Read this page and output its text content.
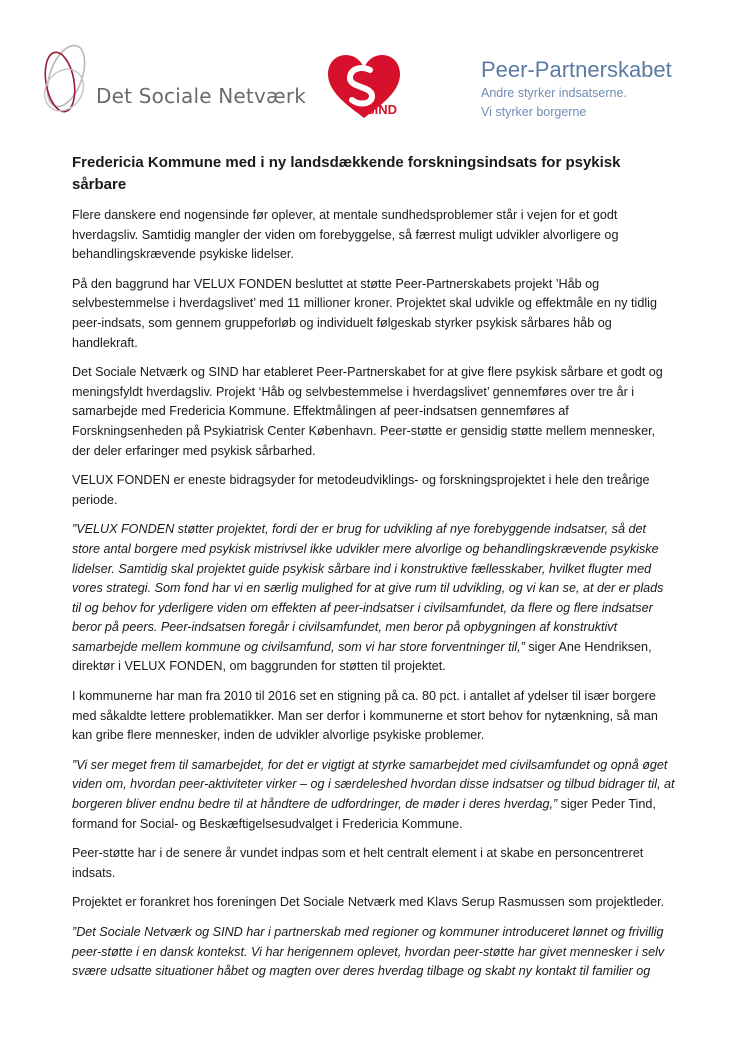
Det Sociale Netværk
SIND
Peer-Partnerskabet
Andre styrker indsatserne.
Vi styrker borgerne
Fredericia Kommune med i ny landsdækkende forskningsindsats for psykisk sårbare

Flere danskere end nogensinde før oplever, at mentale sundhedsproblemer står i vejen for et godt hverdagsliv. Samtidig mangler der viden om forebyggelse, så færrest muligt udvikler alvorligere og behandlingskrævende psykiske lidelser.

På den baggrund har VELUX FONDEN besluttet at støtte Peer-Partnerskabets projekt ’Håb og selvbestemmelse i hverdagslivet’ med 11 millioner kroner. Projektet skal udvikle og effektmåle en ny tidlig peer-indsats, som gennem gruppeforløb og individuelt følgeskab styrker psykisk sårbares håb og handlekraft.

Det Sociale Netværk og SIND har etableret Peer-Partnerskabet for at give flere psykisk sårbare et godt og meningsfyldt hverdagsliv. Projekt ‘Håb og selvbestemmelse i hverdagslivet’ gennemføres over tre år i samarbejde med Fredericia Kommune. Effektmålingen af peer-indsatsen gennemføres af Forskningsenheden på Psykiatrisk Center København. Peer-støtte er gensidig støtte mellem mennesker, der deler erfaringer med psykisk sårbarhed.

VELUX FONDEN er eneste bidragsyder for metodeudviklings- og forskningsprojektet i hele den treårige periode.

”VELUX FONDEN støtter projektet, fordi der er brug for udvikling af nye forebyggende indsatser, så det store antal borgere med psykisk mistrivsel ikke udvikler mere alvorlige og behandlingskrævende psykiske lidelser. Samtidig skal projektet guide psykisk sårbare ind i konstruktive fællesskaber, hvilket flugter med vores strategi. Som fond har vi en særlig mulighed for at give rum til udvikling, og vi kan se, at der er plads til og behov for yderligere viden om effekten af peer-indsatser i civilsamfundet, da flere og flere indsatser beror på peers. Peer-indsatsen foregår i civilsamfundet, men beror på opbygningen af konstruktivt samarbejde mellem kommune og civilsamfund, som vi har store forventninger til,” siger Ane Hendriksen, direktør i VELUX FONDEN, om baggrunden for støtten til projektet.

I kommunerne har man fra 2010 til 2016 set en stigning på ca. 80 pct. i antallet af ydelser til især borgere med såkaldte lettere problematikker. Man ser derfor i kommunerne et stort behov for nytænkning, så man kan gribe flere mennesker, inden de udvikler alvorlige psykiske problemer.

”Vi ser meget frem til samarbejdet, for det er vigtigt at styrke samarbejdet med civilsamfundet og opnå øget viden om, hvordan peer-aktiviteter virker – og i særdeleshed hvordan disse indsatser og tilbud bidrager til, at borgeren bliver endnu bedre til at håndtere de udfordringer, de møder i deres hverdag,” siger Peder Tind, formand for Social- og Beskæftigelsesudvalget i Fredericia Kommune.

Peer-støtte har i de senere år vundet indpas som et helt centralt element i at skabe en personcentreret indsats.

Projektet er forankret hos foreningen Det Sociale Netværk med Klavs Serup Rasmussen som projektleder.

”Det Sociale Netværk og SIND har i partnerskab med regioner og kommuner introduceret lønnet og frivillig peer-støtte i en dansk kontekst. Vi har herigennem oplevet, hvordan peer-støtte har givet mennesker i selv svære udsatte situationer håbet og magten over deres hverdag tilbage og skabt ny kontakt til familier og
